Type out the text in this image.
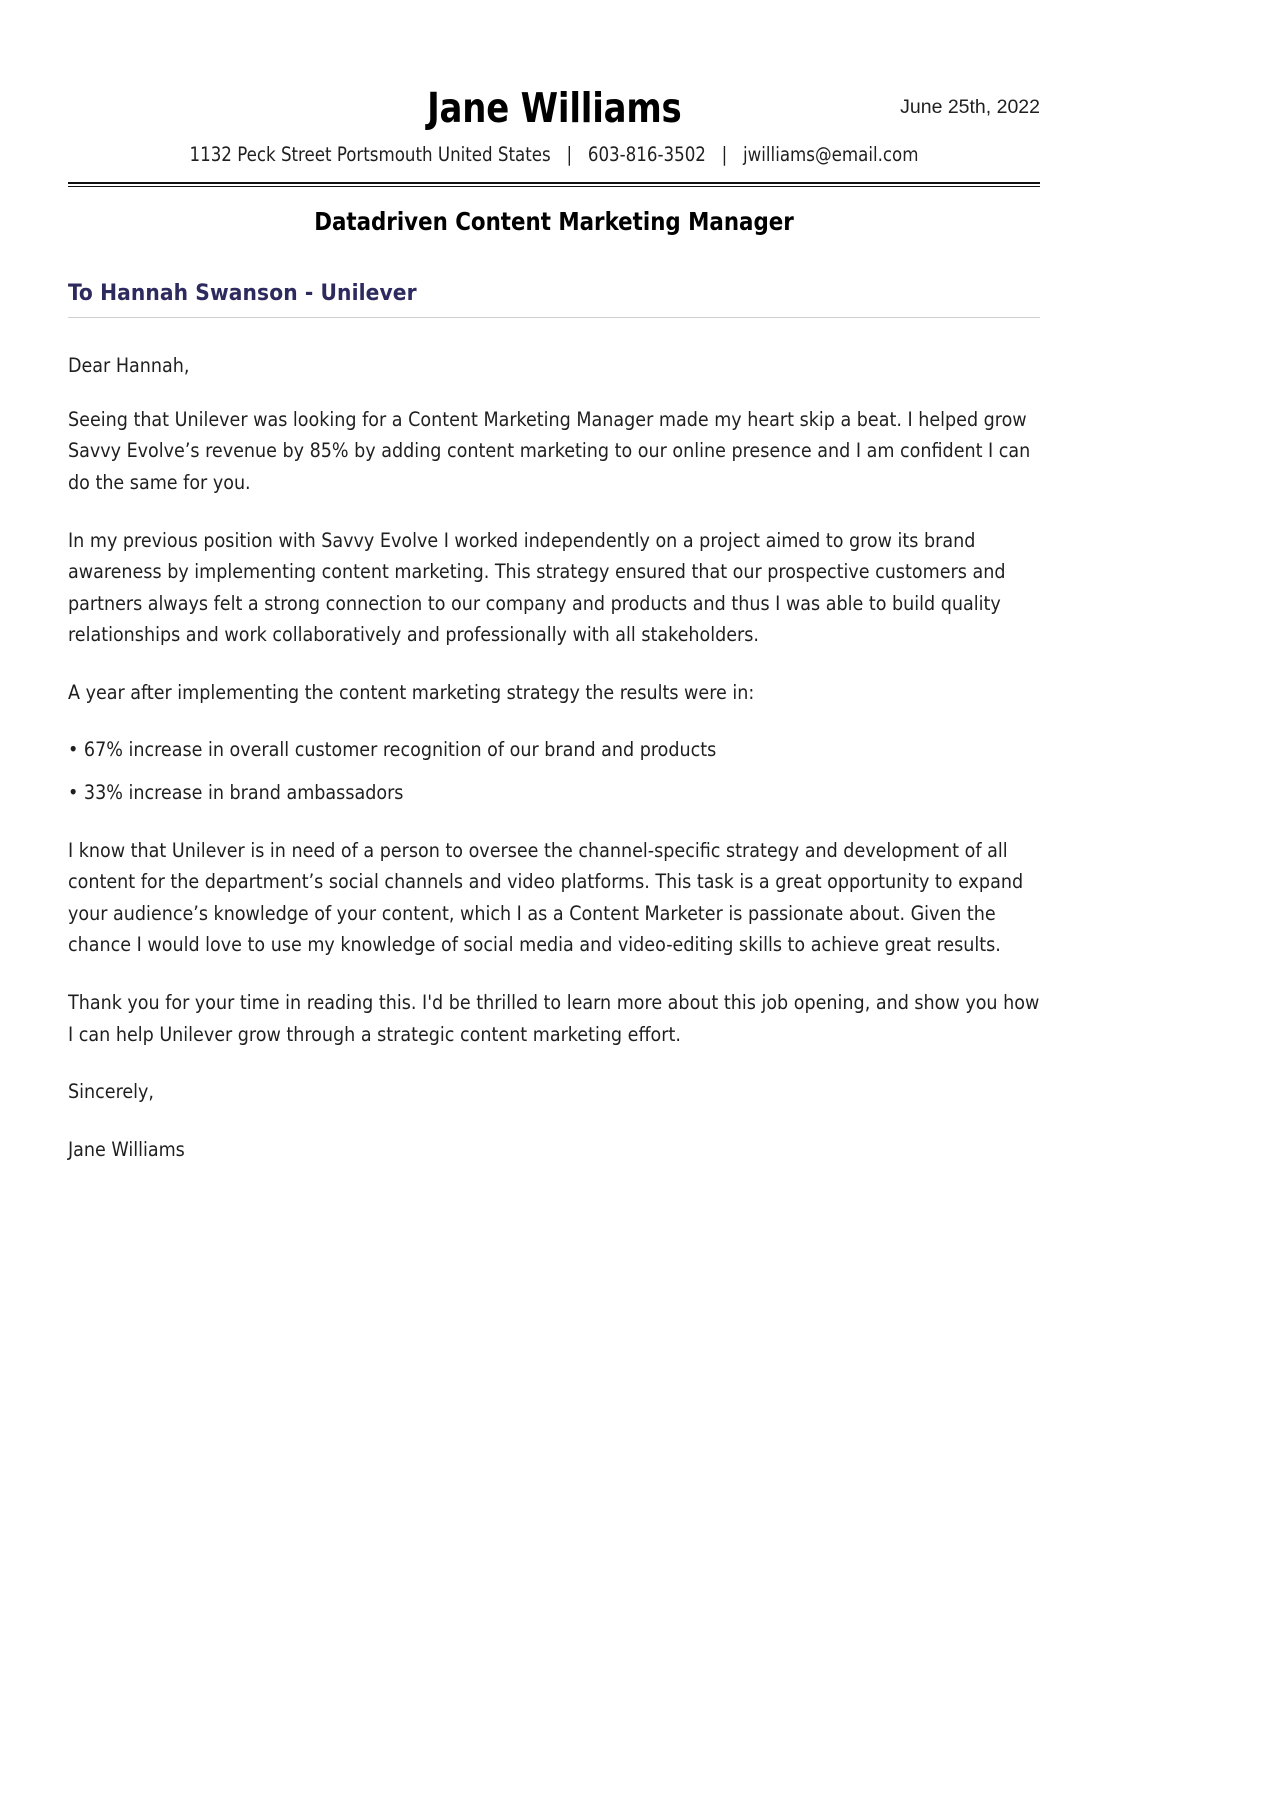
Jane Williams	June 25th, 2022
1132 Peck Street Portsmouth United States | 603-816-3502 | jwilliams@email.com
Datadriven Content Marketing Manager
To Hannah Swanson - Unilever

Dear Hannah,

Seeing that Unilever was looking for a Content Marketing Manager made my heart skip a beat. I helped grow Savvy Evolve’s revenue by 85% by adding content marketing to our online presence and I am confident I can do the same for you.

In my previous position with Savvy Evolve I worked independently on a project aimed to grow its brand awareness by implementing content marketing. This strategy ensured that our prospective customers and partners always felt a strong connection to our company and products and thus I was able to build quality relationships and work collaboratively and professionally with all stakeholders.

A year after implementing the content marketing strategy the results were in:

• 67% increase in overall customer recognition of our brand and products
• 33% increase in brand ambassadors

I know that Unilever is in need of a person to oversee the channel-specific strategy and development of all content for the department’s social channels and video platforms. This task is a great opportunity to expand your audience’s knowledge of your content, which I as a Content Marketer is passionate about. Given the chance I would love to use my knowledge of social media and video-editing skills to achieve great results.

Thank you for your time in reading this. I'd be thrilled to learn more about this job opening, and show you how I can help Unilever grow through a strategic content marketing effort.

Sincerely,

Jane Williams
